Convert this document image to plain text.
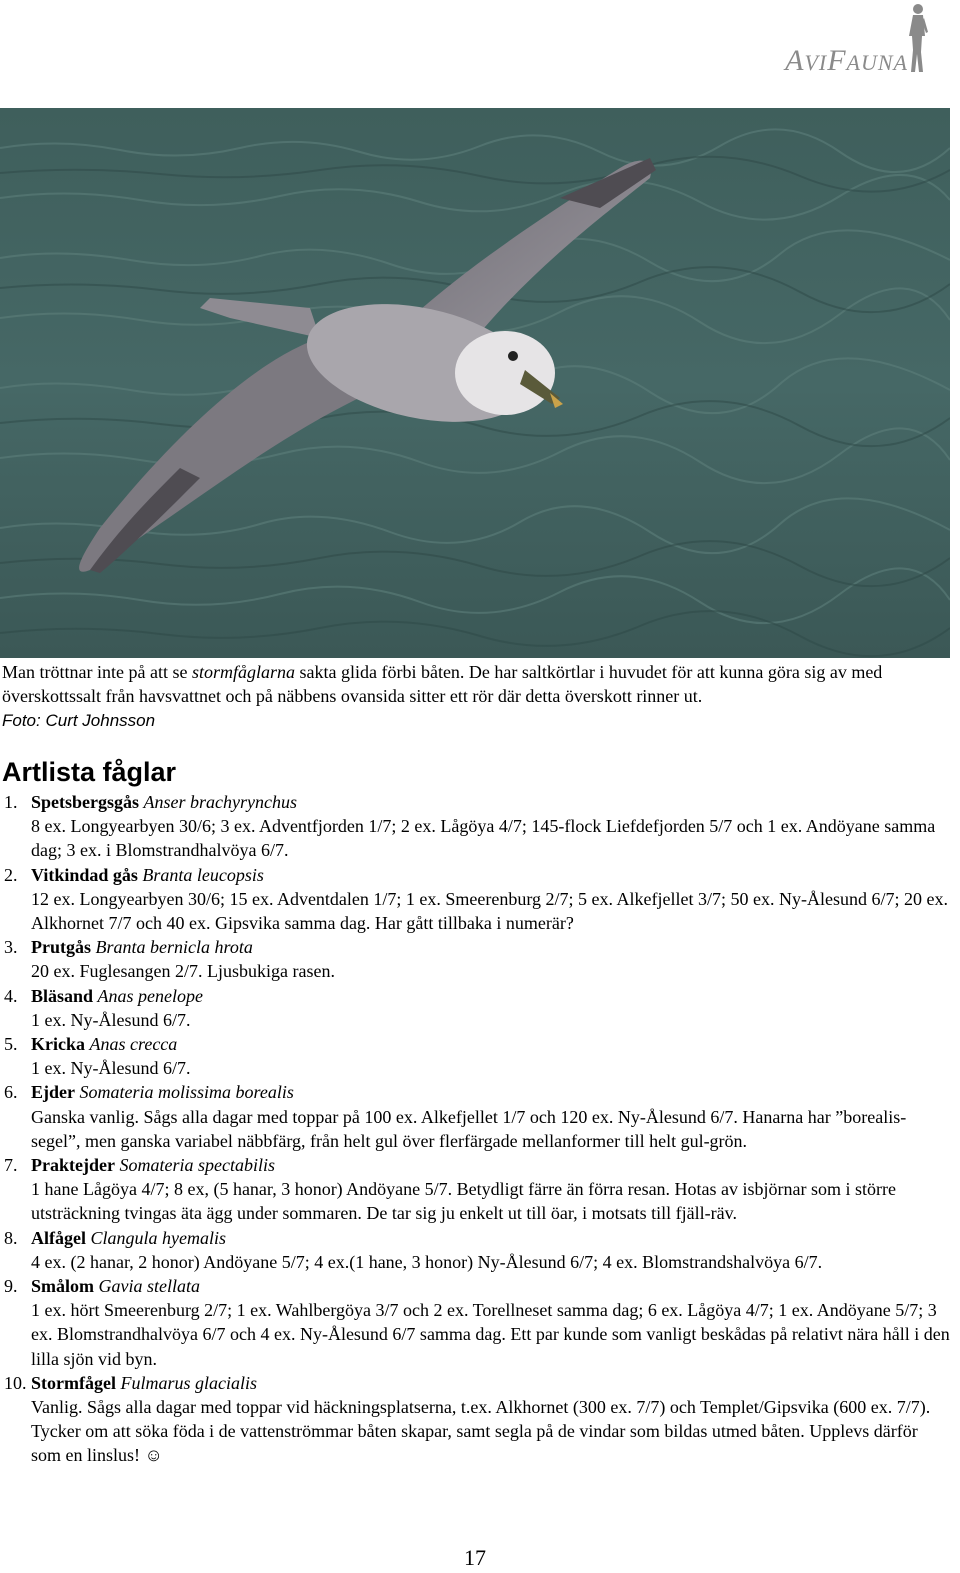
AVIFAUNA
Man tröttnar inte på att se stormfåglarna sakta glida förbi båten. De har saltkörtlar i huvudet för att kunna göra sig av med överskottssalt från havsvattnet och på näbbens ovansida sitter ett rör där detta överskott rinner ut.
Foto: Curt Johnsson
Artlista fåglar
1. Spetsbergsgås Anser brachyrynchus
8 ex. Longyearbyen 30/6; 3 ex. Adventfjorden 1/7; 2 ex. Lågöya 4/7; 145-flock Liefdefjorden 5/7 och 1 ex. Andöyane samma dag; 3 ex. i Blomstrandhalvöya 6/7.
2. Vitkindad gås Branta leucopsis
12 ex. Longyearbyen 30/6; 15 ex. Adventdalen 1/7; 1 ex. Smeerenburg 2/7; 5 ex. Alkefjellet 3/7; 50 ex. Ny-Ålesund 6/7; 20 ex. Alkhornet 7/7 och 40 ex. Gipsvika samma dag. Har gått tillbaka i numerär?
3. Prutgås Branta bernicla hrota
20 ex. Fuglesangen 2/7. Ljusbukiga rasen.
4. Bläsand Anas penelope
1 ex. Ny-Ålesund 6/7.
5. Kricka Anas crecca
1 ex. Ny-Ålesund 6/7.
6. Ejder Somateria molissima borealis
Ganska vanlig. Sågs alla dagar med toppar på 100 ex. Alkefjellet 1/7 och 120 ex. Ny-Ålesund 6/7. Hanarna har ”borealis- segel”, men ganska variabel näbbfärg, från helt gul över flerfärgade mellanformer till helt gul-grön.
7. Praktejder Somateria spectabilis
1 hane Lågöya 4/7; 8 ex, (5 hanar, 3 honor) Andöyane 5/7. Betydligt färre än förra resan. Hotas av isbjörnar som i större utsträckning tvingas äta ägg under sommaren. De tar sig ju enkelt ut till öar, i motsats till fjäll-räv.
8. Alfågel Clangula hyemalis
4 ex. (2 hanar, 2 honor) Andöyane 5/7; 4 ex.(1 hane, 3 honor) Ny-Ålesund 6/7; 4 ex. Blomstrandshalvöya 6/7.
9. Smålom Gavia stellata
1 ex. hört Smeerenburg 2/7; 1 ex. Wahlbergöya 3/7 och 2 ex. Torellneset samma dag; 6 ex. Lågöya 4/7; 1 ex. Andöyane 5/7; 3 ex. Blomstrandhalvöya 6/7 och 4 ex. Ny-Ålesund 6/7 samma dag. Ett par kunde som vanligt beskådas på relativt nära håll i den lilla sjön vid byn.
10. Stormfågel Fulmarus glacialis
Vanlig. Sågs alla dagar med toppar vid häckningsplatserna, t.ex. Alkhornet (300 ex. 7/7) och Templet/Gipsvika (600 ex. 7/7). Tycker om att söka föda i de vattenströmmar båten skapar, samt segla på de vindar som bildas utmed båten. Upplevs därför som en linslus! ☺
17
